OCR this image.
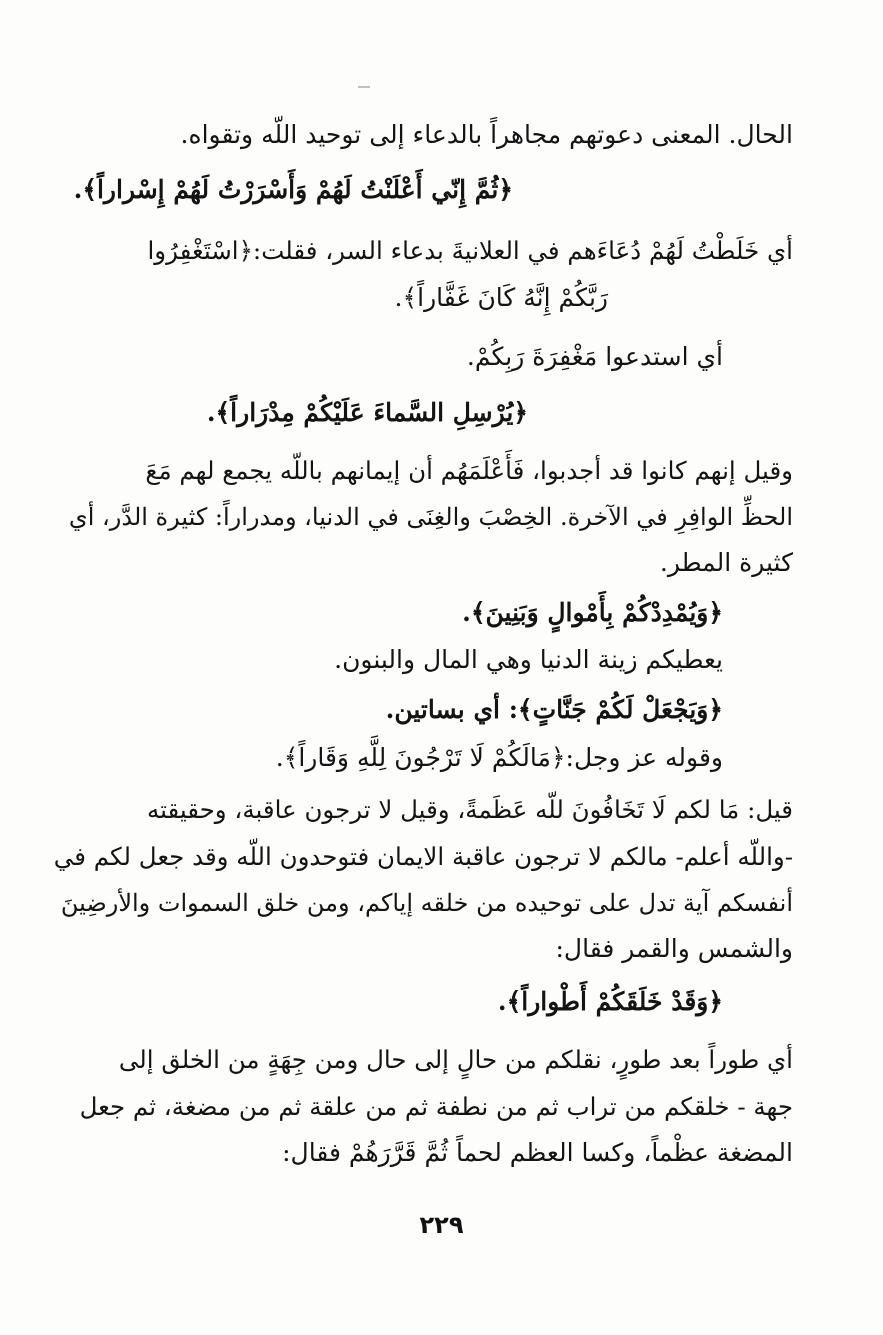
الحال. المعنى دعوتهم مجاهراً بالدعاء إلى توحيد اللّه وتقواه.

﴿ثُمَّ إِنّي أَعْلَنْتُ لَهُمْ وَأَسْرَرْتُ لَهُمْ إِسْراراً﴾.

أي خَلَطْتُ لَهُمْ دُعَاءَهم في العلانيةَ بدعاء السر، فقلت:﴿اسْتَغْفِرُوا

رَبَّكُمْ إِنَّهُ كَانَ غَفَّاراً﴾.

أي استدعوا مَغْفِرَةَ رَبِكُمْ.

﴿يُرْسِلِ السَّماءَ عَلَيْكُمْ مِدْرَاراً﴾.

وقيل إنهم كانوا قد أجدبوا، فَأَعْلَمَهُم أن إيمانهم باللّه يجمع لهم مَعَ

الحظِّ الوافِرِ في الآخرة. الخِصْبَ والغِنَى في الدنيا، ومدراراً: كثيرة الدَّر، أي

كثيرة المطر.

﴿وَيُمْدِدْكُمْ بِأَمْوالٍ وَبَنِينَ﴾.

يعطيكم زينة الدنيا وهي المال والبنون.

﴿وَيَجْعَلْ لَكُمْ جَنَّاتٍ﴾: أي بساتين.

وقوله عز وجل:﴿مَالَكُمْ لَا تَرْجُونَ لِلَّهِ وَقَاراً﴾.

قيل: مَا لكم لَا تَخَافُونَ للّه عَظَمةً، وقيل لا ترجون عاقبة، وحقيقته

-واللّه أعلم- مالكم لا ترجون عاقبة الايمان فتوحدون اللّه وقد جعل لكم في

أنفسكم آية تدل على توحيده من خلقه إياكم، ومن خلق السموات والأرضِينَ

والشمس والقمر فقال:

﴿وَقَدْ خَلَقَكُمْ أَطْواراً﴾.

أي طوراً بعد طورٍ، نقلكم من حالٍ إلى حال ومن جِهَةٍ من الخلق إلى

جهة - خلقكم من تراب ثم من نطفة ثم من علقة ثم من مضغة، ثم جعل

المضغة عظْماً، وكسا العظم لحماً ثُمَّ قَرَّرَهُمْ فقال:

٢٢٩
